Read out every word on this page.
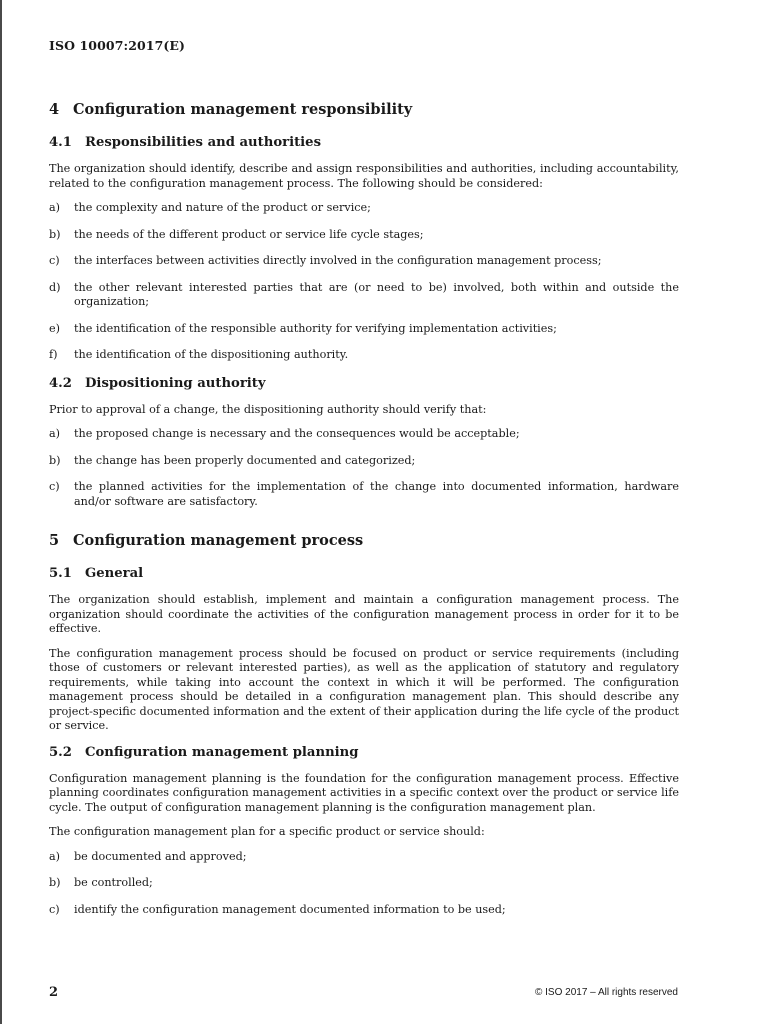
ISO 10007:2017(E)
4 Configuration management responsibility
4.1 Responsibilities and authorities

The organization should identify, describe and assign responsibilities and authorities, including accountability, related to the configuration management process. The following should be considered:

a) the complexity and nature of the product or service;
b) the needs of the different product or service life cycle stages;
c) the interfaces between activities directly involved in the configuration management process;
d) the other relevant interested parties that are (or need to be) involved, both within and outside the organization;
e) the identification of the responsible authority for verifying implementation activities;
f) the identification of the dispositioning authority.
4.2 Dispositioning authority

Prior to approval of a change, the dispositioning authority should verify that:

a) the proposed change is necessary and the consequences would be acceptable;
b) the change has been properly documented and categorized;
c) the planned activities for the implementation of the change into documented information, hardware and/or software are satisfactory.
5 Configuration management process
5.1 General

The organization should establish, implement and maintain a configuration management process. The organization should coordinate the activities of the configuration management process in order for it to be effective.

The configuration management process should be focused on product or service requirements (including those of customers or relevant interested parties), as well as the application of statutory and regulatory requirements, while taking into account the context in which it will be performed. The configuration management process should be detailed in a configuration management plan. This should describe any project-specific documented information and the extent of their application during the life cycle of the product or service.

5.2 Configuration management planning

Configuration management planning is the foundation for the configuration management process. Effective planning coordinates configuration management activities in a specific context over the product or service life cycle. The output of configuration management planning is the configuration management plan.

The configuration management plan for a specific product or service should:

a) be documented and approved;
b) be controlled;
c) identify the configuration management documented information to be used;
2	© ISO 2017 – All rights reserved
